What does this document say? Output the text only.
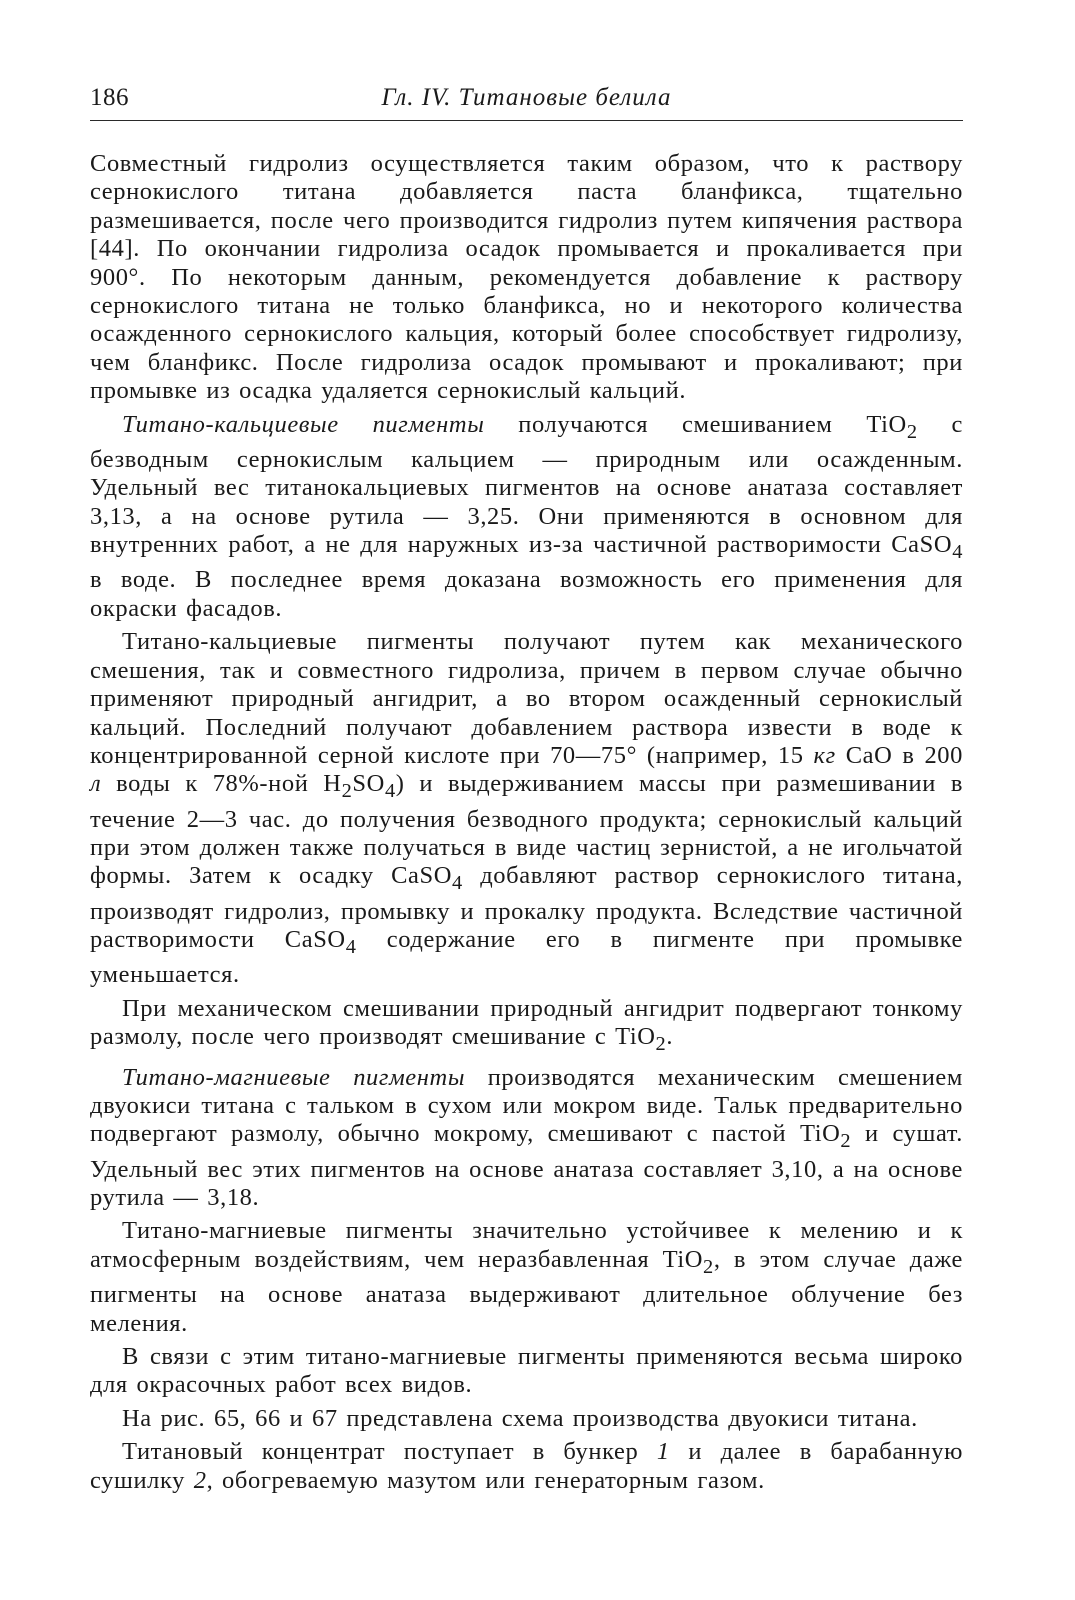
186	Гл. IV. Титановые белила

Совместный гидролиз осуществляется таким образом, что к раствору сернокислого титана добавляется паста бланфикса, тщательно размешивается, после чего производится гидролиз путем кипячения раствора [44]. По окончании гидролиза осадок промывается и прокаливается при 900°. По некоторым данным, рекомендуется добавление к раствору сернокислого титана не только бланфикса, но и некоторого количества осажденного сернокислого кальция, который более способствует гидролизу, чем бланфикс. После гидролиза осадок промывают и прокаливают; при промывке из осадка удаляется сернокислый кальций.

Титано-кальциевые пигменты получаются смешиванием TiO$_2$ с безводным сернокислым кальцием — природным или осажденным. Удельный вес титанокальциевых пигментов на основе анатаза составляет 3,13, а на основе рутила — 3,25. Они применяются в основном для внутренних работ, а не для наружных из-за частичной растворимости CaSO$_4$ в воде. В последнее время доказана возможность его применения для окраски фасадов.

Титано-кальциевые пигменты получают путем как механического смешения, так и совместного гидролиза, причем в первом случае обычно применяют природный ангидрит, а во втором осажденный сернокислый кальций. Последний получают добавлением раствора извести в воде к концентрированной серной кислоте при 70—75° (например, 15 кг CaO в 200 л воды к 78%-ной $H_2SO_4$) и выдерживанием массы при размешивании в течение 2—3 час. до получения безводного продукта; сернокислый кальций при этом должен также получаться в виде частиц зернистой, а не игольчатой формы. Затем к осадку CaSO$_4$ добавляют раствор сернокислого титана, производят гидролиз, промывку и прокалку продукта. Вследствие частичной растворимости CaSO$_4$ содержание его в пигменте при промывке уменьшается.

При механическом смешивании природный ангидрит подвергают тонкому размолу, после чего производят смешивание с TiO$_2$.

Титано-магниевые пигменты производятся механическим смешением двуокиси титана с тальком в сухом или мокром виде. Тальк предварительно подвергают размолу, обычно мокрому, смешивают с пастой TiO$_2$ и сушат. Удельный вес этих пигментов на основе анатаза составляет 3,10, а на основе рутила — 3,18.

Титано-магниевые пигменты значительно устойчивее к мелению и к атмосферным воздействиям, чем неразбавленная TiO$_2$, в этом случае даже пигменты на основе анатаза выдерживают длительное облучение без меления.

В связи с этим титано-магниевые пигменты применяются весьма широко для окрасочных работ всех видов.

На рис. 65, 66 и 67 представлена схема производства двуокиси титана.

Титановый концентрат поступает в бункер 1 и далее в барабанную сушилку 2, обогреваемую мазутом или генераторным газом.
